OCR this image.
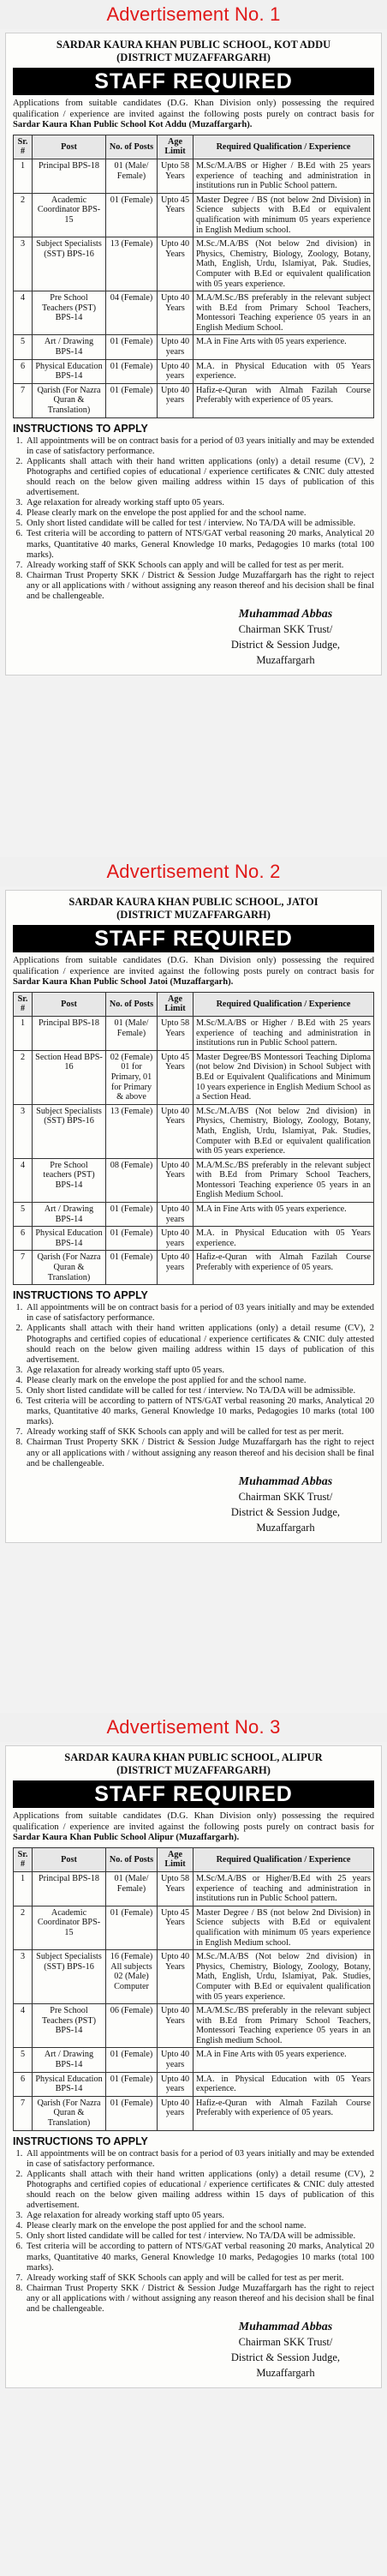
Advertisement No. 1
SARDAR KAURA KHAN PUBLIC SCHOOL, KOT ADDU
(DISTRICT MUZAFFARGARH)
STAFF REQUIRED

Applications from suitable candidates (D.G. Khan Division only) possessing the required qualification / experience are invited against the following posts purely on contract basis for Sardar Kaura Khan Public School Kot Addu (Muzaffargarh).

Sr. #	Post	No. of Posts	Age Limit	Required Qualification / Experience
1	Principal BPS-18	01 (Male/ Female)	Upto 58 Years	M.Sc/M.A/BS or Higher / B.Ed with 25 years experience of teaching and administration in institutions run in Public School pattern.
2	Academic Coordinator BPS-15	01 (Female)	Upto 45 Years	Master Degree / BS (not below 2nd Division) in Science subjects with B.Ed or equivalent qualification with minimum 05 years experience in English Medium school.
3	Subject Specialists (SST) BPS-16	13 (Female)	Upto 40 Years	M.Sc./M.A/BS (Not below 2nd division) in Physics, Chemistry, Biology, Zoology, Botany, Math, English, Urdu, Islamiyat, Pak. Studies, Computer with B.Ed or equivalent qualification with 05 years experience.
4	Pre School Teachers (PST) BPS-14	04 (Female)	Upto 40 Years	M.A/M.Sc./BS preferably in the relevant subject with B.Ed from Primary School Teachers, Montessori Teaching experience 05 years in an English Medium School.
5	Art / Drawing BPS-14	01 (Female)	Upto 40 years	M.A in Fine Arts with 05 years experience.
6	Physical Education BPS-14	01 (Female)	Upto 40 years	M.A. in Physical Education with 05 Years experience.
7	Qarish (For Nazra Quran & Translation)	01 (Female)	Upto 40 years	Hafiz-e-Quran with Almah Fazilah Course Preferably with experience of 05 years.
INSTRUCTIONS TO APPLY
1. All appointments will be on contract basis for a period of 03 years initially and may be extended in case of satisfactory performance.
2. Applicants shall attach with their hand written applications (only) a detail resume (CV), 2 Photographs and certified copies of educational / experience certificates & CNIC duly attested should reach on the below given mailing address within 15 days of publication of this advertisement.
3. Age relaxation for already working staff upto 05 years.
4. Please clearly mark on the envelope the post applied for and the school name.
5. Only short listed candidate will be called for test / interview. No TA/DA will be admissible.
6. Test criteria will be according to pattern of NTS/GAT verbal reasoning 20 marks, Analytical 20 marks, Quantitative 40 marks, General Knowledge 10 marks, Pedagogies 10 marks (total 100 marks).
7. Already working staff of SKK Schools can apply and will be called for test as per merit.
8. Chairman Trust Property SKK / District & Session Judge Muzaffargarh has the right to reject any or all applications with / without assigning any reason thereof and his decision shall be final and be challengeable.
Muhammad Abbas
Chairman SKK Trust/
District & Session Judge,
Muzaffargarh
Advertisement No. 2
SARDAR KAURA KHAN PUBLIC SCHOOL, JATOI
(DISTRICT MUZAFFARGARH)
STAFF REQUIRED

Applications from suitable candidates (D.G. Khan Division only) possessing the required qualification / experience are invited against the following posts purely on contract basis for Sardar Kaura Khan Public School Jatoi (Muzaffargarh).

Sr. #	Post	No. of Posts	Age Limit	Required Qualification / Experience
1	Principal BPS-18	01 (Male/ Female)	Upto 58 Years	M.Sc/M.A/BS or Higher / B.Ed with 25 years experience of teaching and administration in institutions run in Public School pattern.
2	Section Head BPS-16	02 (Female) 01 for Primary, 01 for Primary & above	Upto 45 Years	Master Degree/BS Montessori Teaching Diploma (not below 2nd Division) in School Subject with B.Ed or Equivalent Qualifications and Minimum 10 years experience in English Medium School as a Section Head.
3	Subject Specialists (SST) BPS-16	13 (Female)	Upto 40 Years	M.Sc./M.A/BS (Not below 2nd division) in Physics, Chemistry, Biology, Zoology, Botany, Math, English, Urdu, Islamiyat, Pak. Studies, Computer with B.Ed or equivalent qualification with 05 years experience.
4	Pre School teachers (PST) BPS-14	08 (Female)	Upto 40 Years	M.A/M.Sc./BS preferably in the relevant subject with B.Ed from Primary School Teachers, Montessori Teaching experience 05 years in an English Medium School.
5	Art / Drawing BPS-14	01 (Female)	Upto 40 years	M.A in Fine Arts with 05 years experience.
6	Physical Education BPS-14	01 (Female)	Upto 40 years	M.A. in Physical Education with 05 Years experience.
7	Qarish (For Nazra Quran & Translation)	01 (Female)	Upto 40 years	Hafiz-e-Quran with Almah Fazilah Course Preferably with experience of 05 years.
INSTRUCTIONS TO APPLY
1. All appointments will be on contract basis for a period of 03 years initially and may be extended in case of satisfactory performance.
2. Applicants shall attach with their hand written applications (only) a detail resume (CV), 2 Photographs and certified copies of educational / experience certificates & CNIC duly attested should reach on the below given mailing address within 15 days of publication of this advertisement.
3. Age relaxation for already working staff upto 05 years.
4. Please clearly mark on the envelope the post applied for and the school name.
5. Only short listed candidate will be called for test / interview. No TA/DA will be admissible.
6. Test criteria will be according to pattern of NTS/GAT verbal reasoning 20 marks, Analytical 20 marks, Quantitative 40 marks, General Knowledge 10 marks, Pedagogies 10 marks (total 100 marks).
7. Already working staff of SKK Schools can apply and will be called for test as per merit.
8. Chairman Trust Property SKK / District & Session Judge Muzaffargarh has the right to reject any or all applications with / without assigning any reason thereof and his decision shall be final and be challengeable.
Muhammad Abbas
Chairman SKK Trust/
District & Session Judge,
Muzaffargarh
Advertisement No. 3
SARDAR KAURA KHAN PUBLIC SCHOOL, ALIPUR
(DISTRICT MUZAFFARGARH)
STAFF REQUIRED

Applications from suitable candidates (D.G. Khan Division only) possessing the required qualification / experience are invited against the following posts purely on contract basis for Sardar Kaura Khan Public School Alipur (Muzaffargarh).

Sr. #	Post	No. of Posts	Age Limit	Required Qualification / Experience
1	Principal BPS-18	01 (Male/ Female)	Upto 58 Years	M.Sc/M.A/BS or Higher/B.Ed with 25 years experience of teaching and administration in institutions run in Public School pattern.
2	Academic Coordinator BPS-15	01 (Female)	Upto 45 Years	Master Degree / BS (not below 2nd Division) in Science subjects with B.Ed or equivalent qualification with minimum 05 years experience in English Medium school.
3	Subject Specialists (SST) BPS-16	16 (Female) All subjects 02 (Male) Computer	Upto 40 Years	M.Sc./M.A/BS (Not below 2nd division) in Physics, Chemistry, Biology, Zoology, Botany, Math, English, Urdu, Islamiyat, Pak. Studies, Computer with B.Ed or equivalent qualification with 05 years experience.
4	Pre School Teachers (PST) BPS-14	06 (Female)	Upto 40 Years	M.A/M.Sc./BS preferably in the relevant subject with B.Ed from Primary School Teachers, Montessori Teaching experience 05 years in an English medium School.
5	Art / Drawing BPS-14	01 (Female)	Upto 40 years	M.A in Fine Arts with 05 years experience.
6	Physical Education BPS-14	01 (Female)	Upto 40 years	M.A. in Physical Education with 05 Years experience.
7	Qarish (For Nazra Quran & Translation)	01 (Female)	Upto 40 years	Hafiz-e-Quran with Almah Fazilah Course Preferably with experience of 05 years.
INSTRUCTIONS TO APPLY
1. All appointments will be on contract basis for a period of 03 years initially and may be extended in case of satisfactory performance.
2. Applicants shall attach with their hand written applications (only) a detail resume (CV), 2 Photographs and certified copies of educational / experience certificates & CNIC duly attested should reach on the below given mailing address within 15 days of publication of this advertisement.
3. Age relaxation for already working staff upto 05 years.
4. Please clearly mark on the envelope the post applied for and the school name.
5. Only short listed candidate will be called for test / interview. No TA/DA will be admissible.
6. Test criteria will be according to pattern of NTS/GAT verbal reasoning 20 marks, Analytical 20 marks, Quantitative 40 marks, General Knowledge 10 marks, Pedagogies 10 marks (total 100 marks).
7. Already working staff of SKK Schools can apply and will be called for test as per merit.
8. Chairman Trust Property SKK / District & Session Judge Muzaffargarh has the right to reject any or all applications with / without assigning any reason thereof and his decision shall be final and be challengeable.
Muhammad Abbas
Chairman SKK Trust/
District & Session Judge,
Muzaffargarh
